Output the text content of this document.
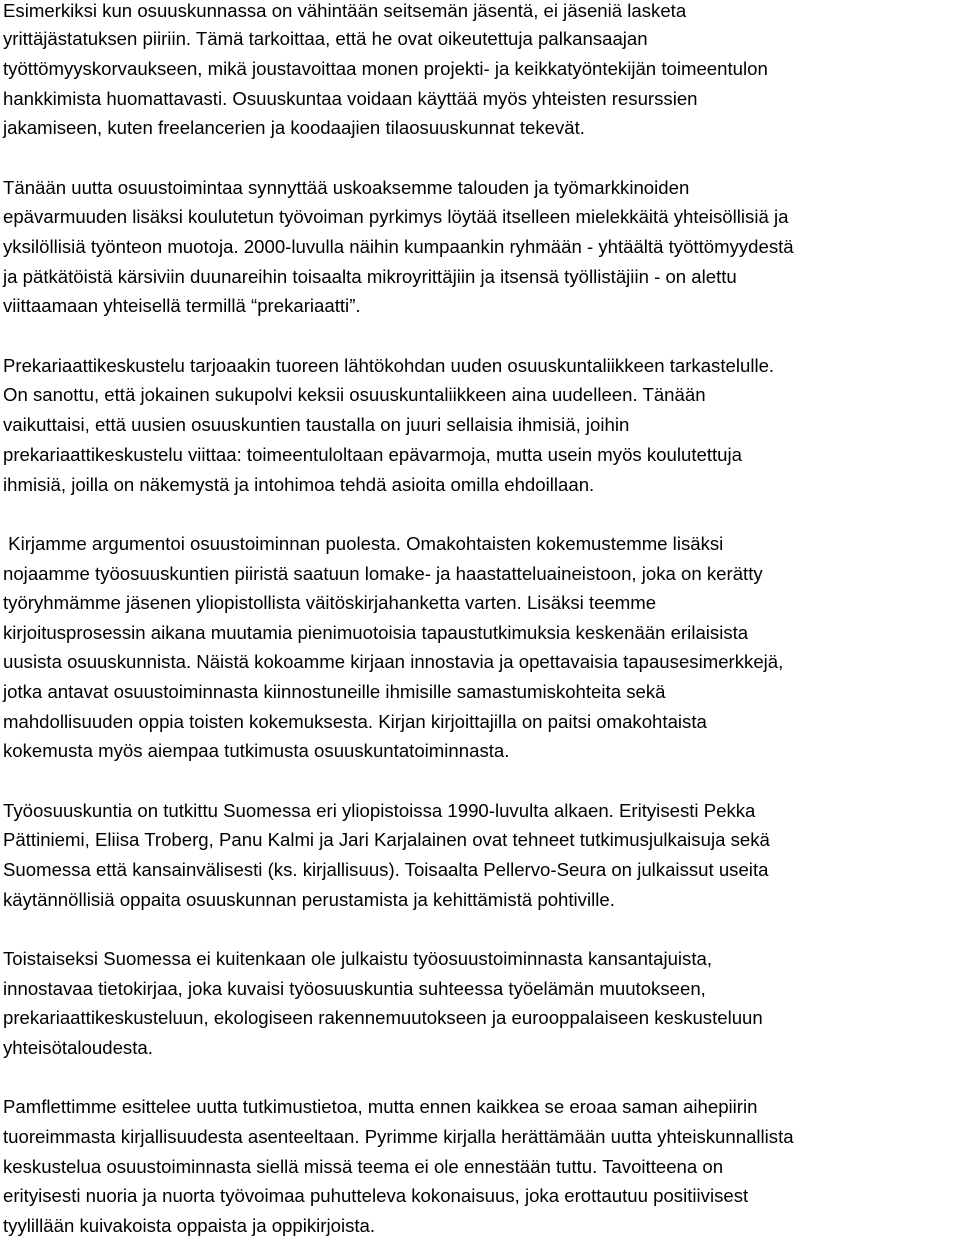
Esimerkiksi kun osuuskunnassa on vähintään seitsemän jäsentä, ei jäseniä lasketa
yrittäjästatuksen piiriin. Tämä tarkoittaa, että he ovat oikeutettuja palkansaajan
työttömyyskorvaukseen, mikä joustavoittaa monen projekti- ja keikkatyöntekijän toimeentulon
hankkimista huomattavasti. Osuuskuntaa voidaan käyttää myös yhteisten resurssien
jakamiseen, kuten freelancerien ja koodaajien tilaosuuskunnat tekevät.
Tänään uutta osuustoimintaa synnyttää uskoaksemme talouden ja työmarkkinoiden
epävarmuuden lisäksi koulutetun työvoiman pyrkimys löytää itselleen mielekkäitä yhteisöllisiä ja
yksilöllisiä työnteon muotoja. 2000-luvulla näihin kumpaankin ryhmään - yhtäältä työttömyydestä
ja pätkätöistä kärsiviin duunareihin toisaalta mikroyrittäjiin ja itsensä työllistäjiin - on alettu
viittaamaan yhteisellä termillä “prekariaatti”.
Prekariaattikeskustelu tarjoaakin tuoreen lähtökohdan uuden osuuskuntaliikkeen tarkastelulle.
On sanottu, että jokainen sukupolvi keksii osuuskuntaliikkeen aina uudelleen. Tänään
vaikuttaisi, että uusien osuuskuntien taustalla on juuri sellaisia ihmisiä, joihin
prekariaattikeskustelu viittaa: toimeentuloltaan epävarmoja, mutta usein myös koulutettuja
ihmisiä, joilla on näkemystä ja intohimoa tehdä asioita omilla ehdoillaan.
Kirjamme argumentoi osuustoiminnan puolesta. Omakohtaisten kokemustemme lisäksi
nojaamme työosuuskuntien piiristä saatuun lomake- ja haastatteluaineistoon, joka on kerätty
työryhmämme jäsenen yliopistollista väitöskirjahanketta varten. Lisäksi teemme
kirjoitusprosessin aikana muutamia pienimuotoisia tapaustutkimuksia keskenään erilaisista
uusista osuuskunnista. Näistä kokoamme kirjaan innostavia ja opettavaisia tapausesimerkkejä,
jotka antavat osuustoiminnasta kiinnostuneille ihmisille samastumiskohteita sekä
mahdollisuuden oppia toisten kokemuksesta. Kirjan kirjoittajilla on paitsi omakohtaista
kokemusta myös aiempaa tutkimusta osuuskuntatoiminnasta.
Työosuuskuntia on tutkittu Suomessa eri yliopistoissa 1990-luvulta alkaen. Erityisesti Pekka
Pättiniemi, Eliisa Troberg, Panu Kalmi ja Jari Karjalainen ovat tehneet tutkimusjulkaisuja sekä
Suomessa että kansainvälisesti (ks. kirjallisuus). Toisaalta Pellervo-Seura on julkaissut useita
käytännöllisiä oppaita osuuskunnan perustamista ja kehittämistä pohtiville.
Toistaiseksi Suomessa ei kuitenkaan ole julkaistu työosuustoiminnasta kansantajuista,
innostavaa tietokirjaa, joka kuvaisi työosuuskuntia suhteessa työelämän muutokseen,
prekariaattikeskusteluun, ekologiseen rakennemuutokseen ja eurooppalaiseen keskusteluun
yhteisötaloudesta.
Pamflettimme esittelee uutta tutkimustietoa, mutta ennen kaikkea se eroaa saman aihepiirin
tuoreimmasta kirjallisuudesta asenteeltaan. Pyrimme kirjalla herättämään uutta yhteiskunnallista
keskustelua osuustoiminnasta siellä missä teema ei ole ennestään tuttu. Tavoitteena on
erityisesti nuoria ja nuorta työvoimaa puhutteleva kokonaisuus, joka erottautuu positiivisest
tyylillään kuivakoista oppaista ja oppikirjoista.
